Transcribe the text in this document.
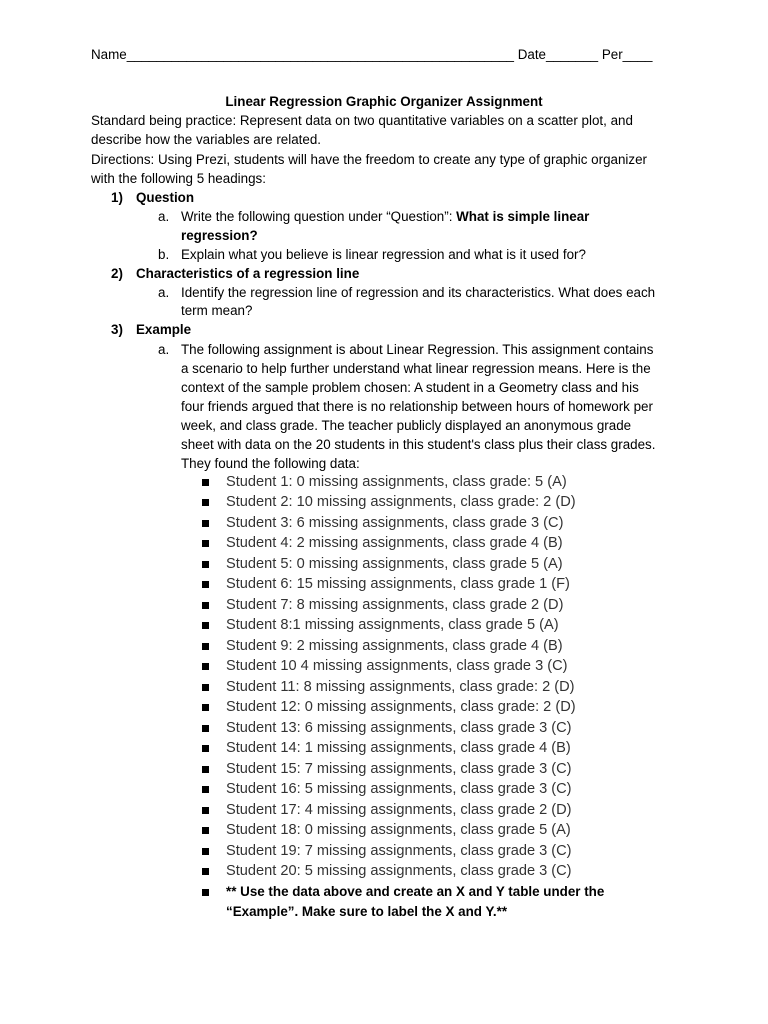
Name____________________________________________________ Date_______ Per____
Linear Regression Graphic Organizer Assignment
Standard being practice: Represent data on two quantitative variables on a scatter plot, and
describe how the variables are related.
Directions: Using Prezi, students will have the freedom to create any type of graphic organizer
with the following 5 headings:
1) Question
a. Write the following question under “Question”: What is simple linear
regression?
b. Explain what you believe is linear regression and what is it used for?
2) Characteristics of a regression line
a. Identify the regression line of regression and its characteristics. What does each
term mean?
3) Example
a. The following assignment is about Linear Regression. This assignment contains
a scenario to help further understand what linear regression means. Here is the
context of the sample problem chosen: A student in a Geometry class and his
four friends argued that there is no relationship between hours of homework per
week, and class grade. The teacher publicly displayed an anonymous grade
sheet with data on the 20 students in this student's class plus their class grades.
They found the following data:
Student 1: 0 missing assignments, class grade: 5 (A)
Student 2: 10 missing assignments, class grade: 2 (D)
Student 3: 6 missing assignments, class grade 3 (C)
Student 4: 2 missing assignments, class grade 4 (B)
Student 5: 0 missing assignments, class grade 5 (A)
Student 6: 15 missing assignments, class grade 1 (F)
Student 7: 8 missing assignments, class grade 2 (D)
Student 8:1 missing assignments, class grade 5 (A)
Student 9: 2 missing assignments, class grade 4 (B)
Student 10 4 missing assignments, class grade 3 (C)
Student 11: 8 missing assignments, class grade: 2 (D)
Student 12: 0 missing assignments, class grade: 2 (D)
Student 13: 6 missing assignments, class grade 3 (C)
Student 14: 1 missing assignments, class grade 4 (B)
Student 15: 7 missing assignments, class grade 3 (C)
Student 16: 5 missing assignments, class grade 3 (C)
Student 17: 4 missing assignments, class grade 2 (D)
Student 18: 0 missing assignments, class grade 5 (A)
Student 19: 7 missing assignments, class grade 3 (C)
Student 20: 5 missing assignments, class grade 3 (C)
** Use the data above and create an X and Y table under the
“Example”. Make sure to label the X and Y.**
